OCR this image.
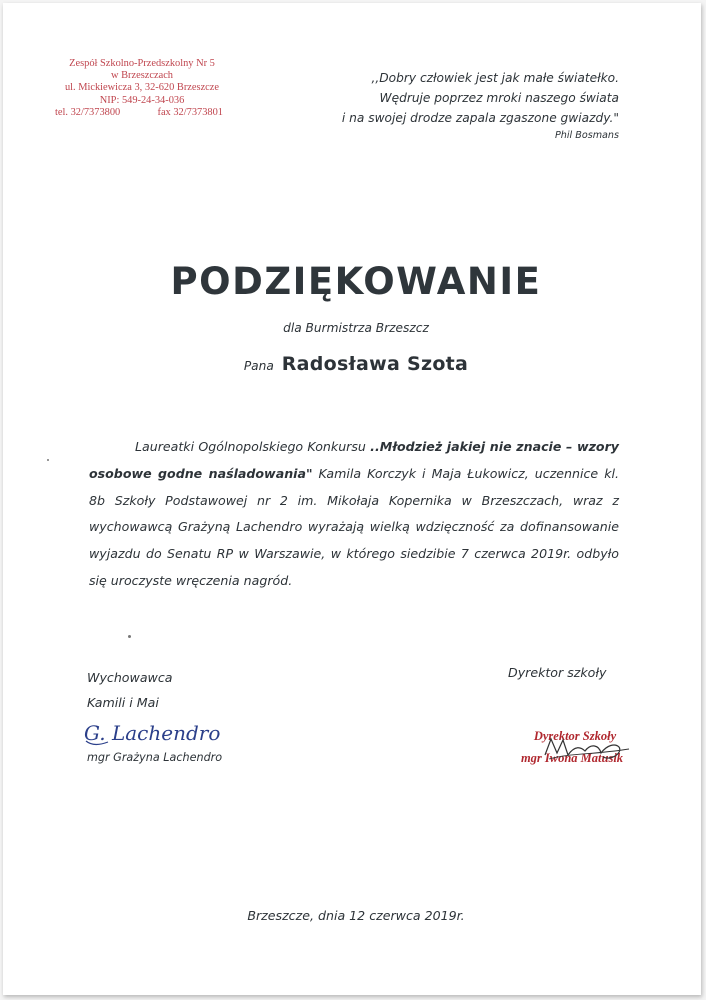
Zespół Szkolno-Przedszkolny Nr 5
w Brzeszczach
ul. Mickiewicza 3, 32-620 Brzeszcze
NIP: 549-24-34-036
tel. 32/7373800	fax 32/7373801
,,Dobry człowiek jest jak małe światełko.
Wędruje poprzez mroki naszego świata
i na swojej drodze zapala zgaszone gwiazdy."
Phil Bosmans
PODZIĘKOWANIE
dla Burmistrza Brzeszcz
Pana Radosława Szota

Laureatki Ogólnopolskiego Konkursu ..Młodzież jakiej nie znacie – wzory osobowe godne naśladowania" Kamila Korczyk i Maja Łukowicz, uczennice kl. 8b Szkoły Podstawowej nr 2 im. Mikołaja Kopernika w Brzeszczach, wraz z wychowawcą Grażyną Lachendro wyrażają wielką wdzięczność za dofinansowanie wyjazdu do Senatu RP w Warszawie, w którego siedzibie 7 czerwca 2019r. odbyło się uroczyste wręczenia nagród.

Wychowawca
Kamili i Mai
mgr Grażyna Lachendro
G. Lachendro
Dyrektor szkoły
Dyrektor Szkoły
mgr Iwona Matusik
Brzeszcze, dnia 12 czerwca 2019r.
